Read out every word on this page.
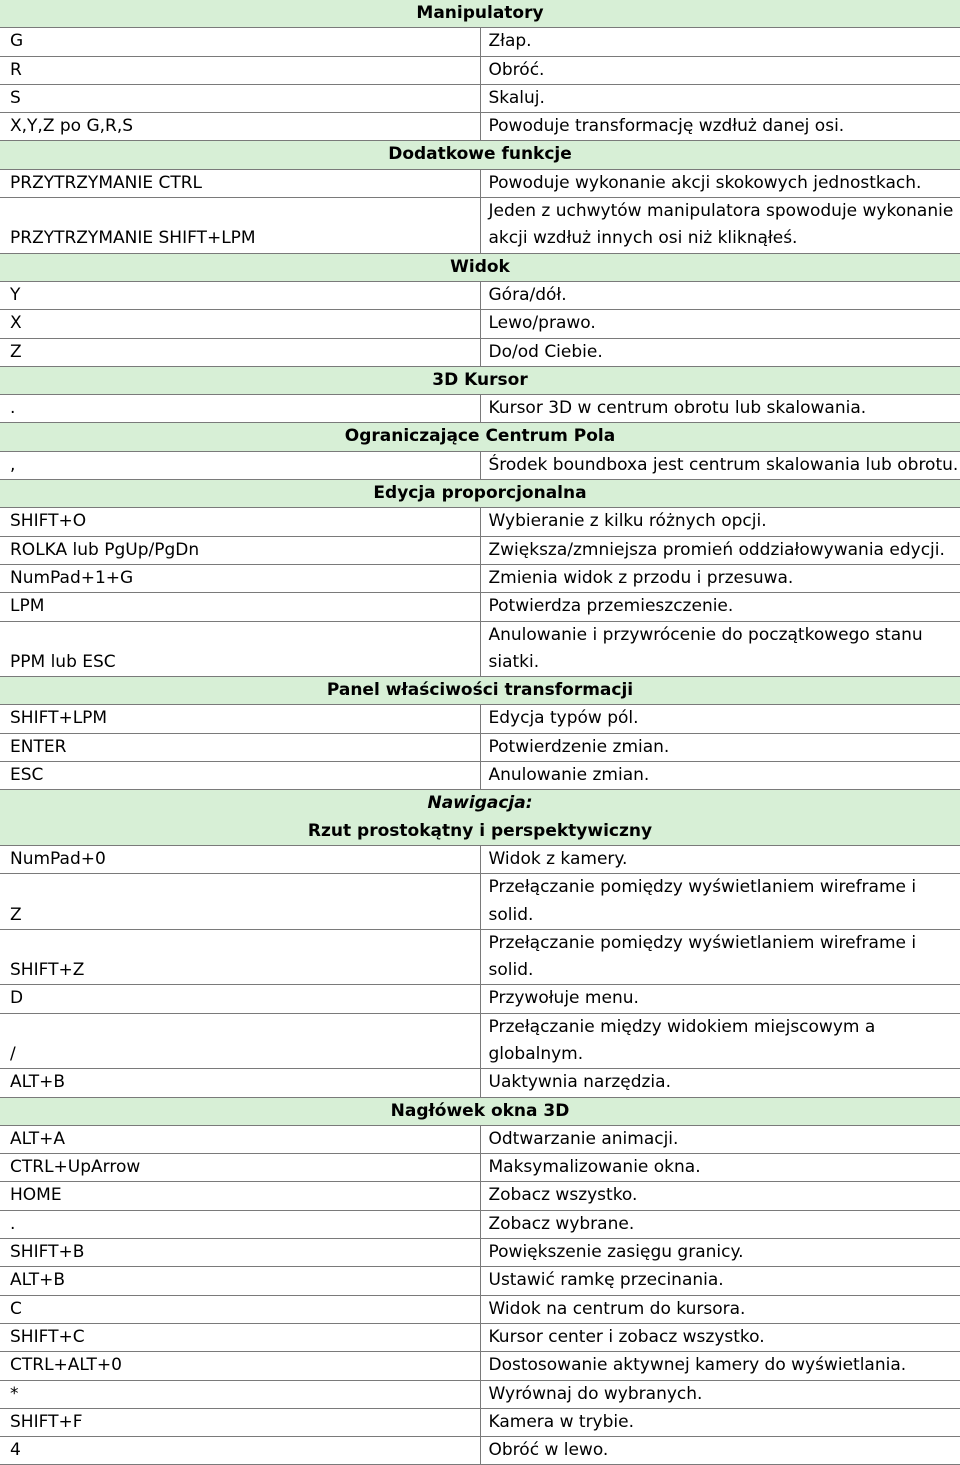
Manipulatory	
G	Złap.
R	Obróć.
S	Skaluj.
X,Y,Z po G,R,S	Powoduje transformację wzdłuż danej osi.
Dodatkowe funkcje	
PRZYTRZYMANIE CTRL	Powoduje wykonanie akcji skokowych jednostkach.
PRZYTRZYMANIE SHIFT+LPM	Jeden z uchwytów manipulatora spowoduje wykonanie akcji wzdłuż innych osi niż kliknąłeś.
Widok	
Y	Góra/dół.
X	Lewo/prawo.
Z	Do/od Ciebie.
3D Kursor	
.	Kursor 3D w centrum obrotu lub skalowania.
Ograniczające Centrum Pola	
,	Środek boundboxa jest centrum skalowania lub obrotu.
Edycja proporcjonalna	
SHIFT+O	Wybieranie z kilku różnych opcji.
ROLKA lub PgUp/PgDn	Zwiększa/zmniejsza promień oddziałowywania edycji.
NumPad+1+G	Zmienia widok z przodu i przesuwa.
LPM	Potwierdza przemieszczenie.
PPM lub ESC	Anulowanie i przywrócenie do początkowego stanu siatki.
Panel właściwości transformacji	
SHIFT+LPM	Edycja typów pól.
ENTER	Potwierdzenie zmian.
ESC	Anulowanie zmian.
Nawigacja:	
Rzut prostokątny i perspektywiczny	
NumPad+0	Widok z kamery.
Z	Przełączanie pomiędzy wyświetlaniem wireframe i solid.
SHIFT+Z	Przełączanie pomiędzy wyświetlaniem wireframe i solid.
D	Przywołuje menu.
/	Przełączanie między widokiem miejscowym a globalnym.
ALT+B	Uaktywnia narzędzia.
Nagłówek okna 3D	
ALT+A	Odtwarzanie animacji.
CTRL+UpArrow	Maksymalizowanie okna.
HOME	Zobacz wszystko.
.	Zobacz wybrane.
SHIFT+B	Powiększenie zasięgu granicy.
ALT+B	Ustawić ramkę przecinania.
C	Widok na centrum do kursora.
SHIFT+C	Kursor center i zobacz wszystko.
CTRL+ALT+0	Dostosowanie aktywnej kamery do wyświetlania.
*	Wyrównaj do wybranych.
SHIFT+F	Kamera w trybie.
4	Obróć w lewo.
